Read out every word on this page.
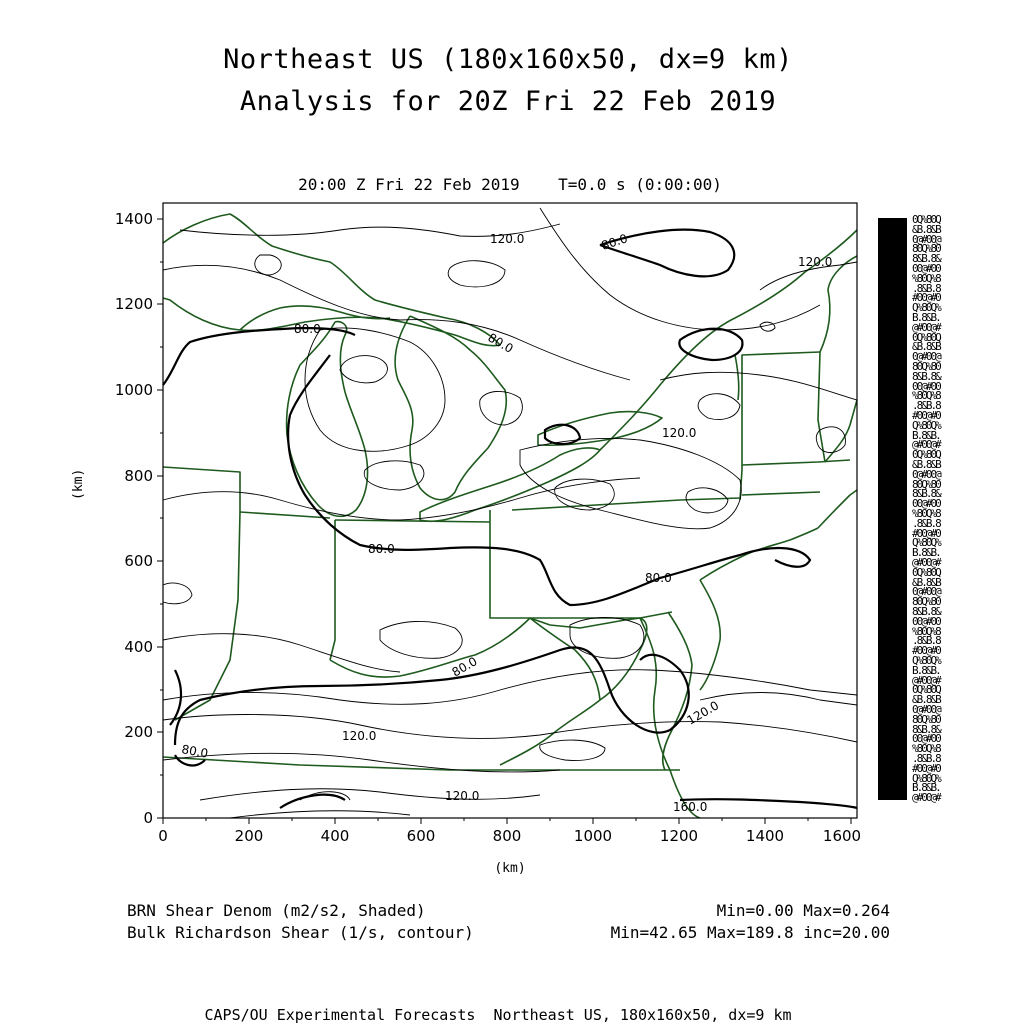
Northeast US (180x160x50, dx=9 km)
Analysis for 20Z Fri 22 Feb 2019
20:00 Z Fri 22 Feb 2019    T=0.0 s (0:00:00)
0
200
400
600
800
1000
1200
1400
0	200	400	600	800	1000	1200	1400	1600
120.0	80.0
120.0
80.0
80.0
80.0
80.0
80.0
120.0
80.0
120.0
120.0
120.0
160.0
(km)
(km)
0Q%80Q
&B.8&B
0@#00@
80Q%80
8&B.8&
00@#00
%80Q%8
.8&B.8
#00@#0
Q%80Q%
B.8&B.
@#00@#
0Q%80Q
&B.8&B
0@#00@
80Q%80
8&B.8&
00@#00
%80Q%8
.8&B.8
#00@#0
Q%80Q%
B.8&B.
@#00@#
0Q%80Q
&B.8&B
0@#00@
80Q%80
8&B.8&
00@#00
%80Q%8
.8&B.8
#00@#0
Q%80Q%
B.8&B.
@#00@#
0Q%80Q
&B.8&B
0@#00@
80Q%80
8&B.8&
00@#00
%80Q%8
.8&B.8
#00@#0
Q%80Q%
B.8&B.
@#00@#
0Q%80Q
&B.8&B
0@#00@
80Q%80
8&B.8&
00@#00
%80Q%8
.8&B.8
#00@#0
Q%80Q%
B.8&B.
@#00@#
BRN Shear Denom (m2/s2, Shaded)
Bulk Richardson Shear (1/s, contour)
Min=0.00 Max=0.264
Min=42.65 Max=189.8 inc=20.00
CAPS/OU Experimental Forecasts  Northeast US, 180x160x50, dx=9 km
